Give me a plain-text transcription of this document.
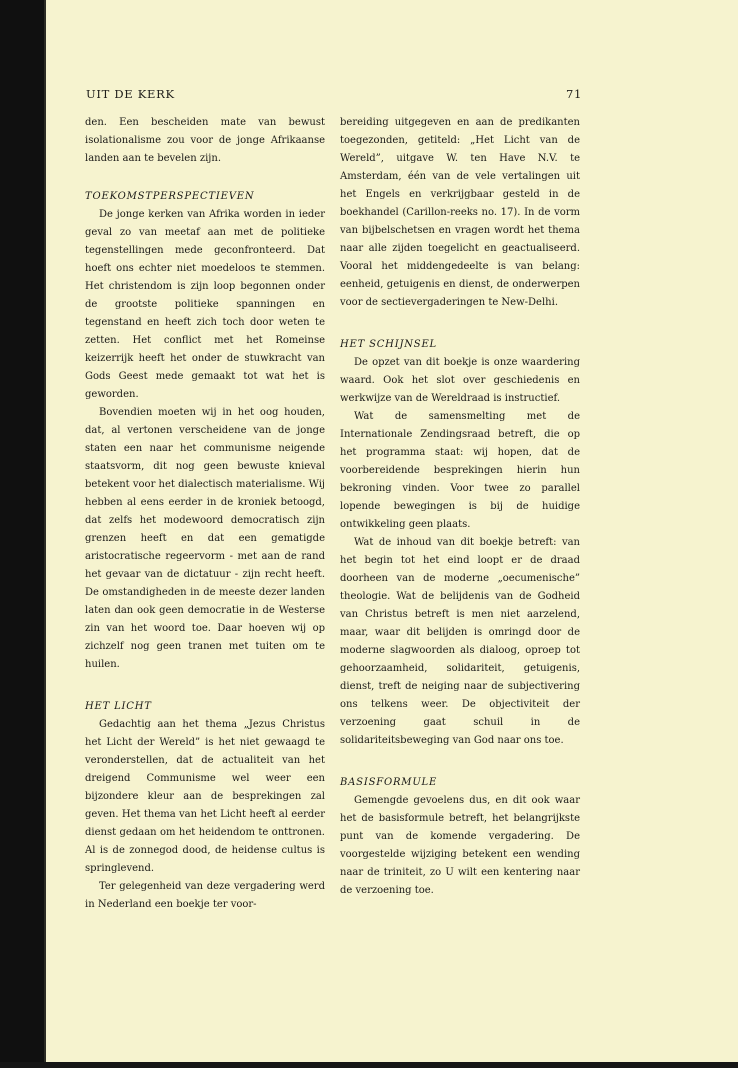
UIT DE KERK	71

den. Een bescheiden mate van bewust isolationalisme zou voor de jonge Afrikaanse landen aan te bevelen zijn.

TOEKOMSTPERSPECTIEVEN

De jonge kerken van Afrika worden in ieder geval zo van meetaf aan met de politieke tegenstellingen mede geconfronteerd. Dat hoeft ons echter niet moedeloos te stemmen. Het christendom is zijn loop begonnen onder de grootste politieke spanningen en tegenstand en heeft zich toch door weten te zetten. Het conflict met het Romeinse keizerrijk heeft het onder de stuwkracht van Gods Geest mede gemaakt tot wat het is geworden.

Bovendien moeten wij in het oog houden, dat, al vertonen verscheidene van de jonge staten een naar het communisme neigende staatsvorm, dit nog geen bewuste knieval betekent voor het dialectisch materialisme. Wij hebben al eens eerder in de kroniek betoogd, dat zelfs het modewoord democratisch zijn grenzen heeft en dat een gematigde aristocratische regeervorm - met aan de rand het gevaar van de dictatuur - zijn recht heeft. De omstandigheden in de meeste dezer landen laten dan ook geen democratie in de Westerse zin van het woord toe. Daar hoeven wij op zichzelf nog geen tranen met tuiten om te huilen.

HET LICHT

Gedachtig aan het thema „Jezus Christus het Licht der Wereld” is het niet gewaagd te veronderstellen, dat de actualiteit van het dreigend Communisme wel weer een bijzondere kleur aan de besprekingen zal geven. Het thema van het Licht heeft al eerder dienst gedaan om het heidendom te onttronen. Al is de zonnegod dood, de heidense cultus is springlevend.

Ter gelegenheid van deze vergadering werd in Nederland een boekje ter voor-

bereiding uitgegeven en aan de predikanten toegezonden, getiteld: „Het Licht van de Wereld”, uitgave W. ten Have N.V. te Amsterdam, één van de vele vertalingen uit het Engels en verkrijgbaar gesteld in de boekhandel (Carillon-reeks no. 17). In de vorm van bijbelschetsen en vragen wordt het thema naar alle zijden toegelicht en geactualiseerd. Vooral het middengedeelte is van belang: eenheid, getuigenis en dienst, de onderwerpen voor de sectievergaderingen te New-Delhi.

HET SCHIJNSEL

De opzet van dit boekje is onze waardering waard. Ook het slot over geschiedenis en werkwijze van de Wereldraad is instructief.

Wat de samensmelting met de Internationale Zendingsraad betreft, die op het programma staat: wij hopen, dat de voorbereidende besprekingen hierin hun bekroning vinden. Voor twee zo parallel lopende bewegingen is bij de huidige ontwikkeling geen plaats.

Wat de inhoud van dit boekje betreft: van het begin tot het eind loopt er de draad doorheen van de moderne „oecumenische” theologie. Wat de belijdenis van de Godheid van Christus betreft is men niet aarzelend, maar, waar dit belijden is omringd door de moderne slagwoorden als dialoog, oproep tot gehoorzaamheid, solidariteit, getuigenis, dienst, treft de neiging naar de subjectivering ons telkens weer. De objectiviteit der verzoening gaat schuil in de solidariteitsbeweging van God naar ons toe.

BASISFORMULE

Gemengde gevoelens dus, en dit ook waar het de basisformule betreft, het belangrijkste punt van de komende vergadering. De voorgestelde wijziging betekent een wending naar de triniteit, zo U wilt een kentering naar de verzoening toe.
